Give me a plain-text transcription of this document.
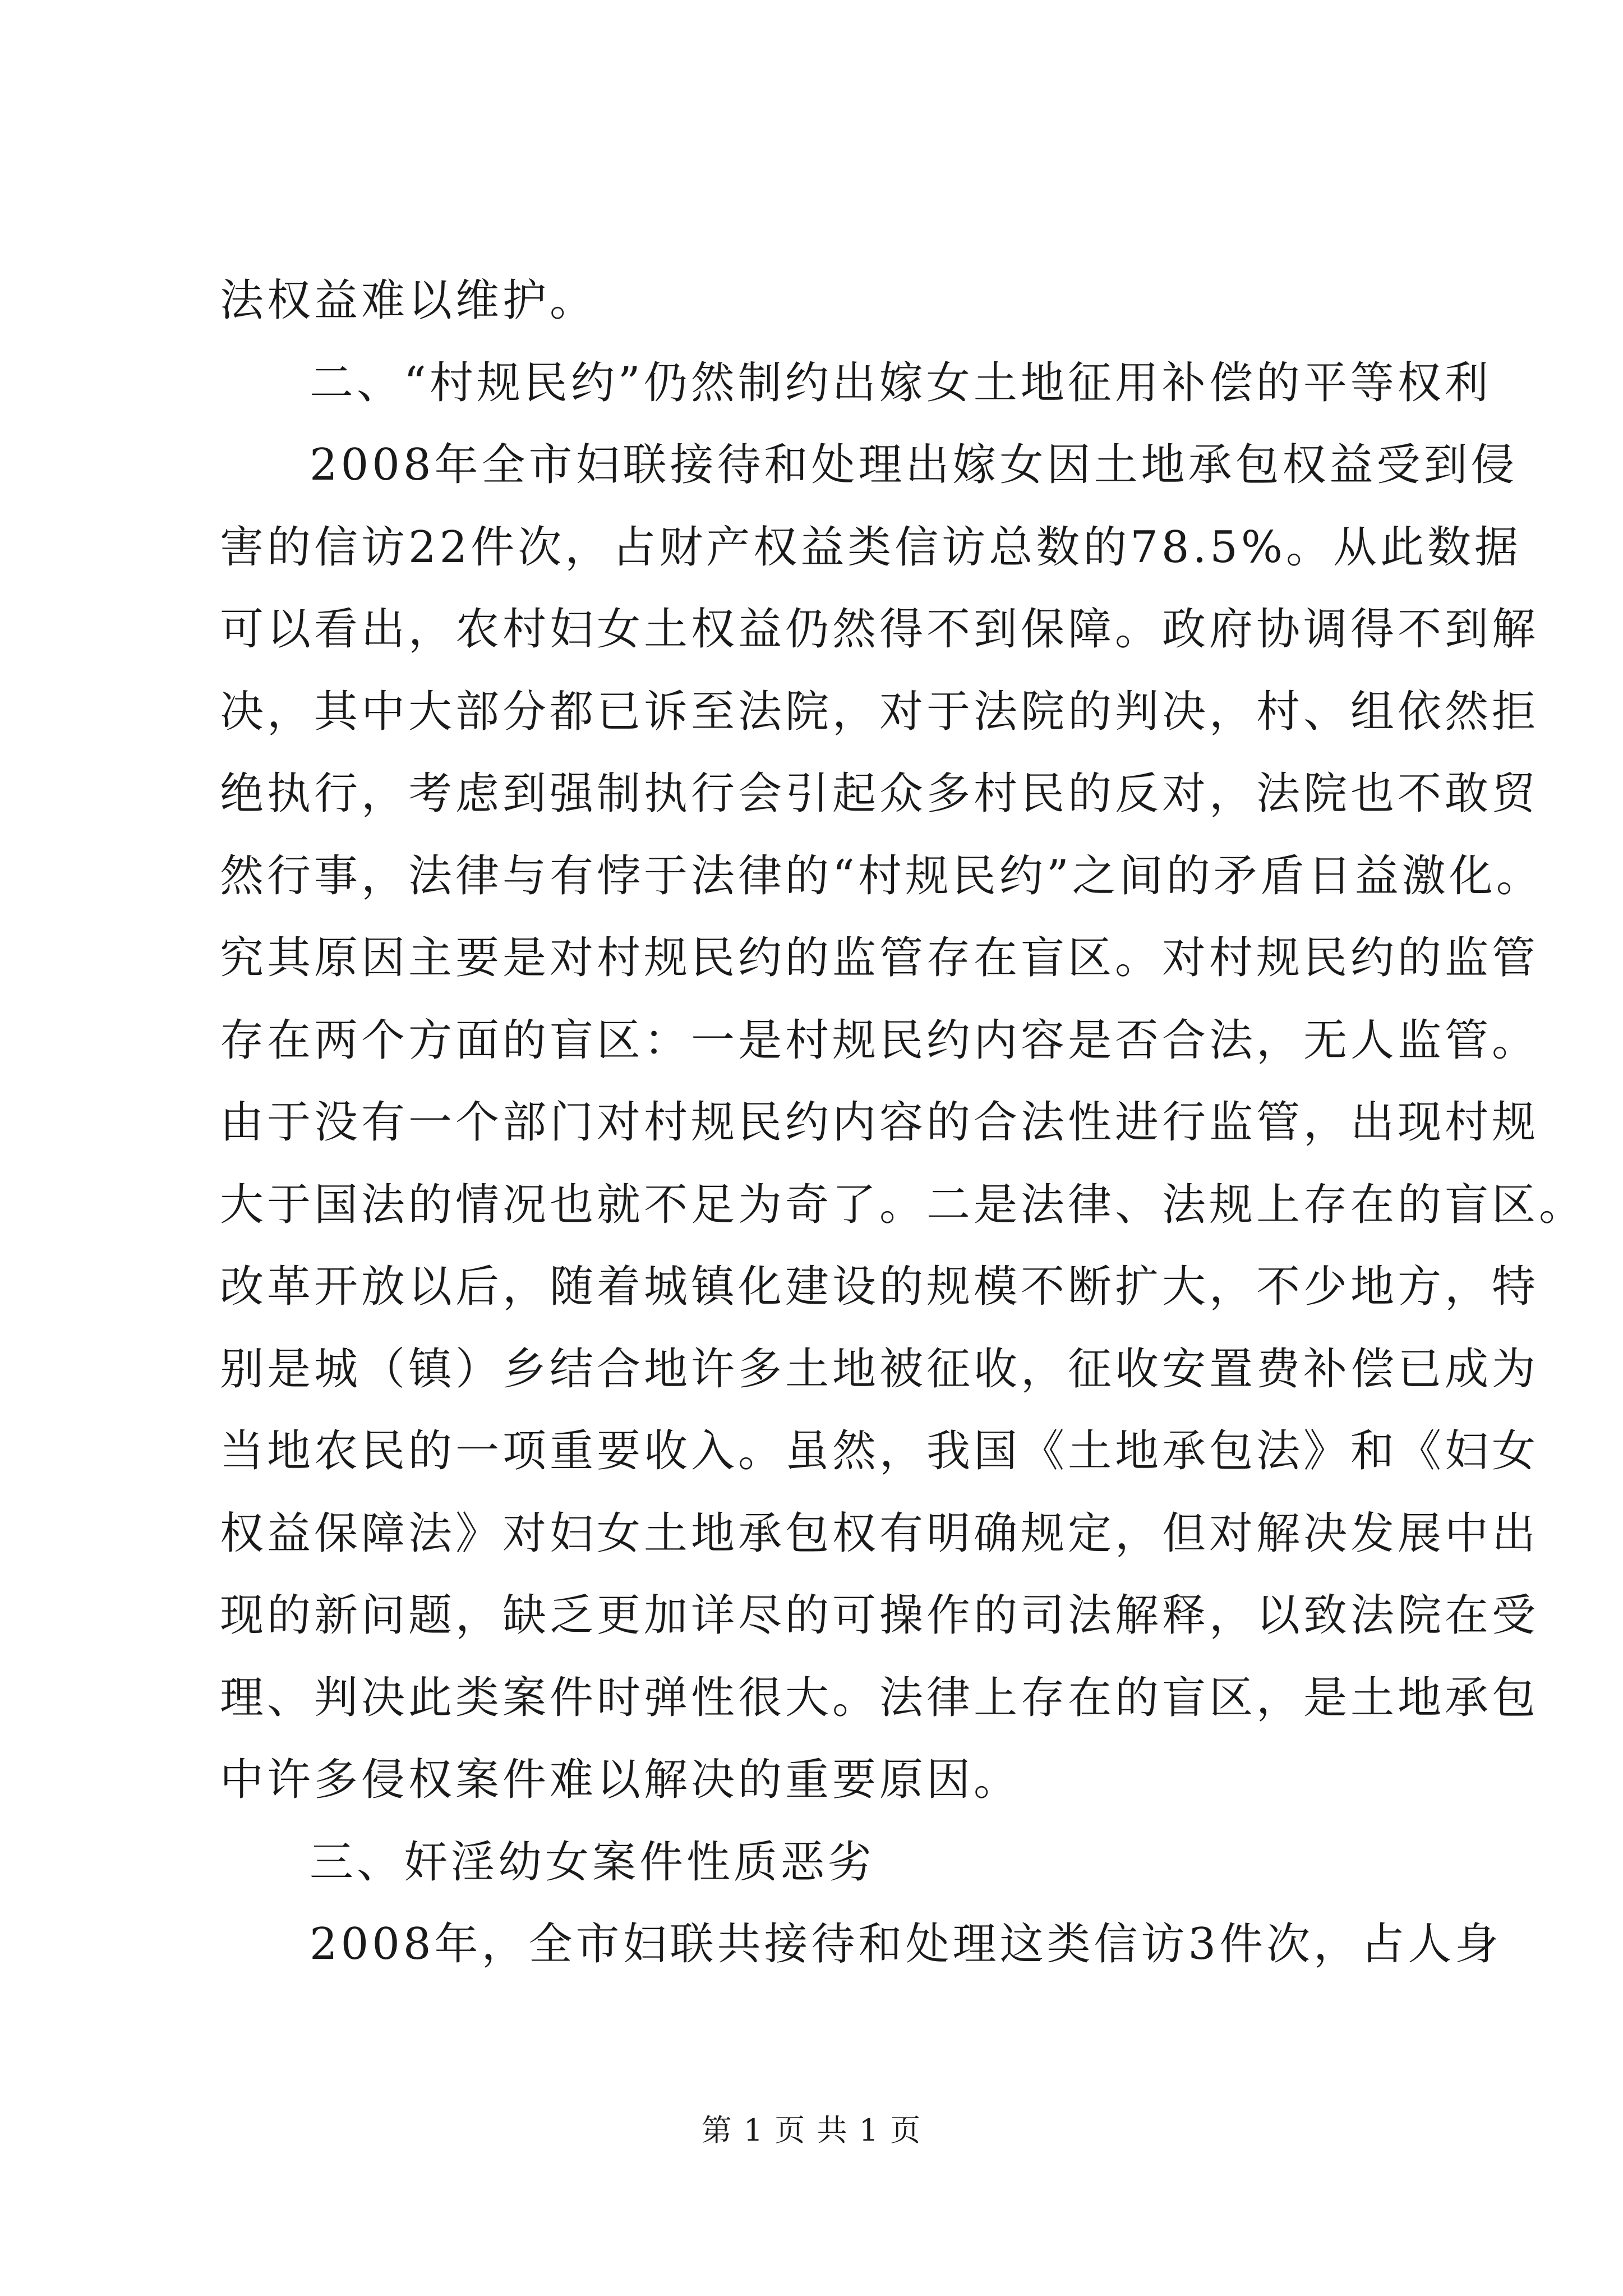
法权益难以维护。
二、“村规民约”仍然制约出嫁女土地征用补偿的平等权利
2008年全市妇联接待和处理出嫁女因土地承包权益受到侵
害的信访22件次，占财产权益类信访总数的78.5%。从此数据
可以看出，农村妇女土权益仍然得不到保障。政府协调得不到解
决，其中大部分都已诉至法院，对于法院的判决，村、组依然拒
绝执行，考虑到强制执行会引起众多村民的反对，法院也不敢贸
然行事，法律与有悖于法律的“村规民约”之间的矛盾日益激化。
究其原因主要是对村规民约的监管存在盲区。对村规民约的监管
存在两个方面的盲区：一是村规民约内容是否合法，无人监管。
由于没有一个部门对村规民约内容的合法性进行监管，出现村规
大于国法的情况也就不足为奇了。二是法律、法规上存在的盲区。
改革开放以后，随着城镇化建设的规模不断扩大，不少地方，特
别是城（镇）乡结合地许多土地被征收，征收安置费补偿已成为
当地农民的一项重要收入。虽然，我国《土地承包法》和《妇女
权益保障法》对妇女土地承包权有明确规定，但对解决发展中出
现的新问题，缺乏更加详尽的可操作的司法解释，以致法院在受
理、判决此类案件时弹性很大。法律上存在的盲区，是土地承包
中许多侵权案件难以解决的重要原因。
三、奸淫幼女案件性质恶劣
2008年，全市妇联共接待和处理这类信访3件次，占人身
第 1 页 共 1 页
